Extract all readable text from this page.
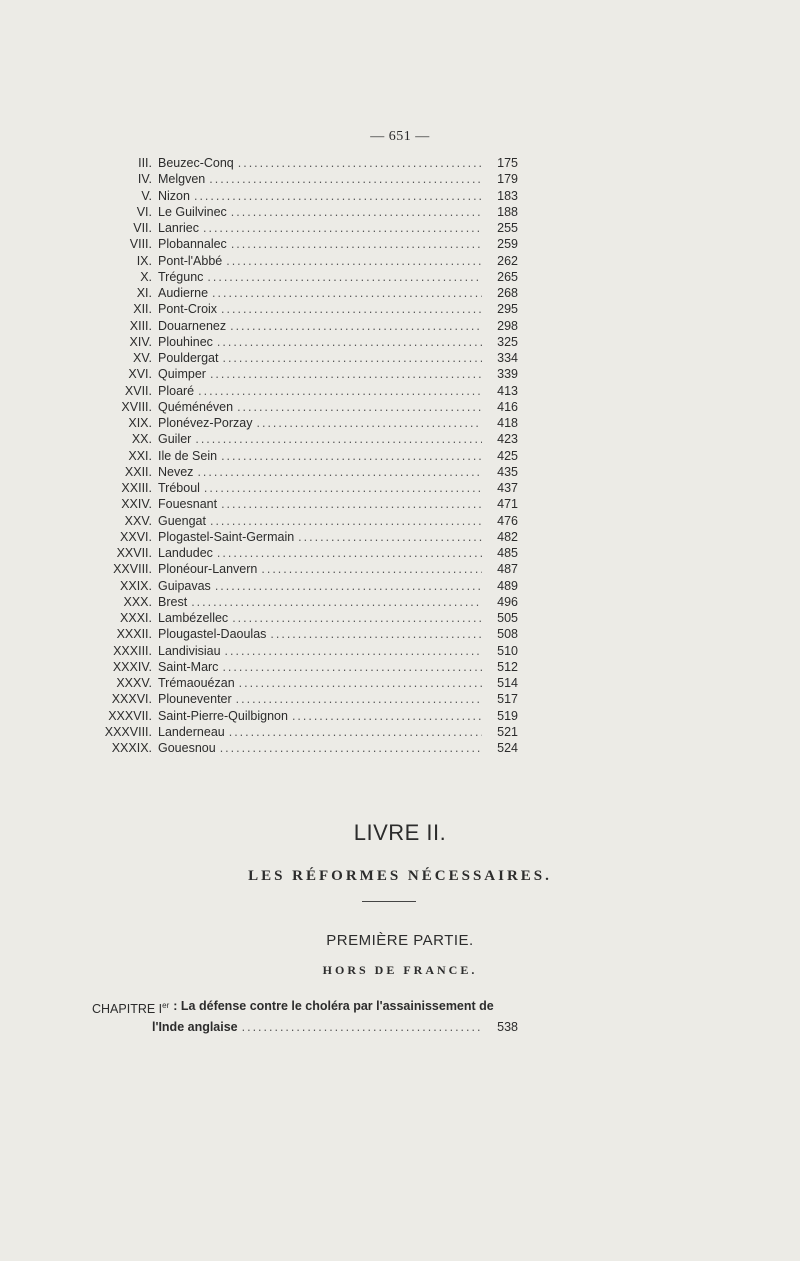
— 651 —
III. Beuzec-Conq .....	175
IV. Melgven .....	179
V. Nizon .....	183
VI. Le Guilvinec .....	188
VII. Lanriec .....	255
VIII. Plobannalec .....	259
IX. Pont-l'Abbé .....	262
X. Trégunc .....	265
XI. Audierne .....	268
XII. Pont-Croix .....	295
XIII. Douarnenez .....	298
XIV. Plouhinec .....	325
XV. Pouldergat .....	334
XVI. Quimper .....	339
XVII. Ploaré .....	413
XVIII. Quéménéven .....	416
XIX. Plonévez-Porzay .....	418
XX. Guiler .....	423
XXI. Ile de Sein .....	425
XXII. Nevez .....	435
XXIII. Tréboul .....	437
XXIV. Fouesnant .....	471
XXV. Guengat .....	476
XXVI. Plogastel-Saint-Germain .....	482
XXVII. Landudec .....	485
XXVIII. Plonéour-Lanvern .....	487
XXIX. Guipavas .....	489
XXX. Brest .....	496
XXXI. Lambézellec .....	505
XXXII. Plougastel-Daoulas .....	508
XXXIII. Landivisiau .....	510
XXXIV. Saint-Marc .....	512
XXXV. Trémaouézan .....	514
XXXVI. Plouneventer .....	517
XXXVII. Saint-Pierre-Quilbignon .....	519
XXXVIII. Landerneau .....	521
XXXIX. Gouesnou .....	524
LIVRE II.
LES RÉFORMES NÉCESSAIRES.
PREMIÈRE PARTIE.
HORS DE FRANCE.
CHAPITRE Ier : La défense contre le choléra par l'assainissement de
l'Inde anglaise .....	538
